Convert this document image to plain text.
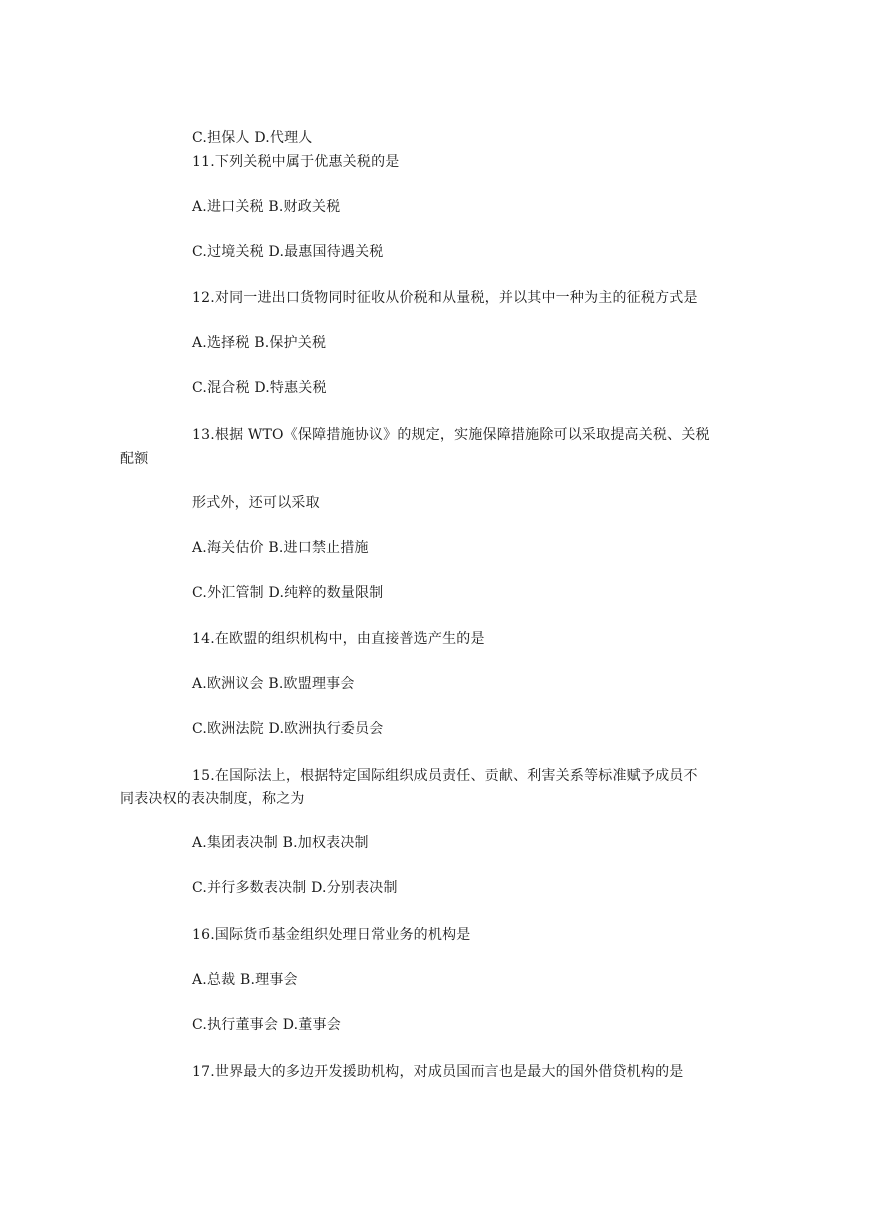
C.担保人 D.代理人
11.下列关税中属于优惠关税的是
A.进口关税 B.财政关税
C.过境关税 D.最惠国待遇关税
12.对同一进出口货物同时征收从价税和从量税，并以其中一种为主的征税方式是
A.选择税 B.保护关税
C.混合税 D.特惠关税
13.根据 WTO《保障措施协议》的规定，实施保障措施除可以采取提高关税、关税
配额
形式外，还可以采取
A.海关估价 B.进口禁止措施
C.外汇管制 D.纯粹的数量限制
14.在欧盟的组织机构中，由直接普选产生的是
A.欧洲议会 B.欧盟理事会
C.欧洲法院 D.欧洲执行委员会
15.在国际法上，根据特定国际组织成员责任、贡献、利害关系等标准赋予成员不
同表决权的表决制度，称之为
A.集团表决制 B.加权表决制
C.并行多数表决制 D.分别表决制
16.国际货币基金组织处理日常业务的机构是
A.总裁 B.理事会
C.执行董事会 D.董事会
17.世界最大的多边开发援助机构，对成员国而言也是最大的国外借贷机构的是
